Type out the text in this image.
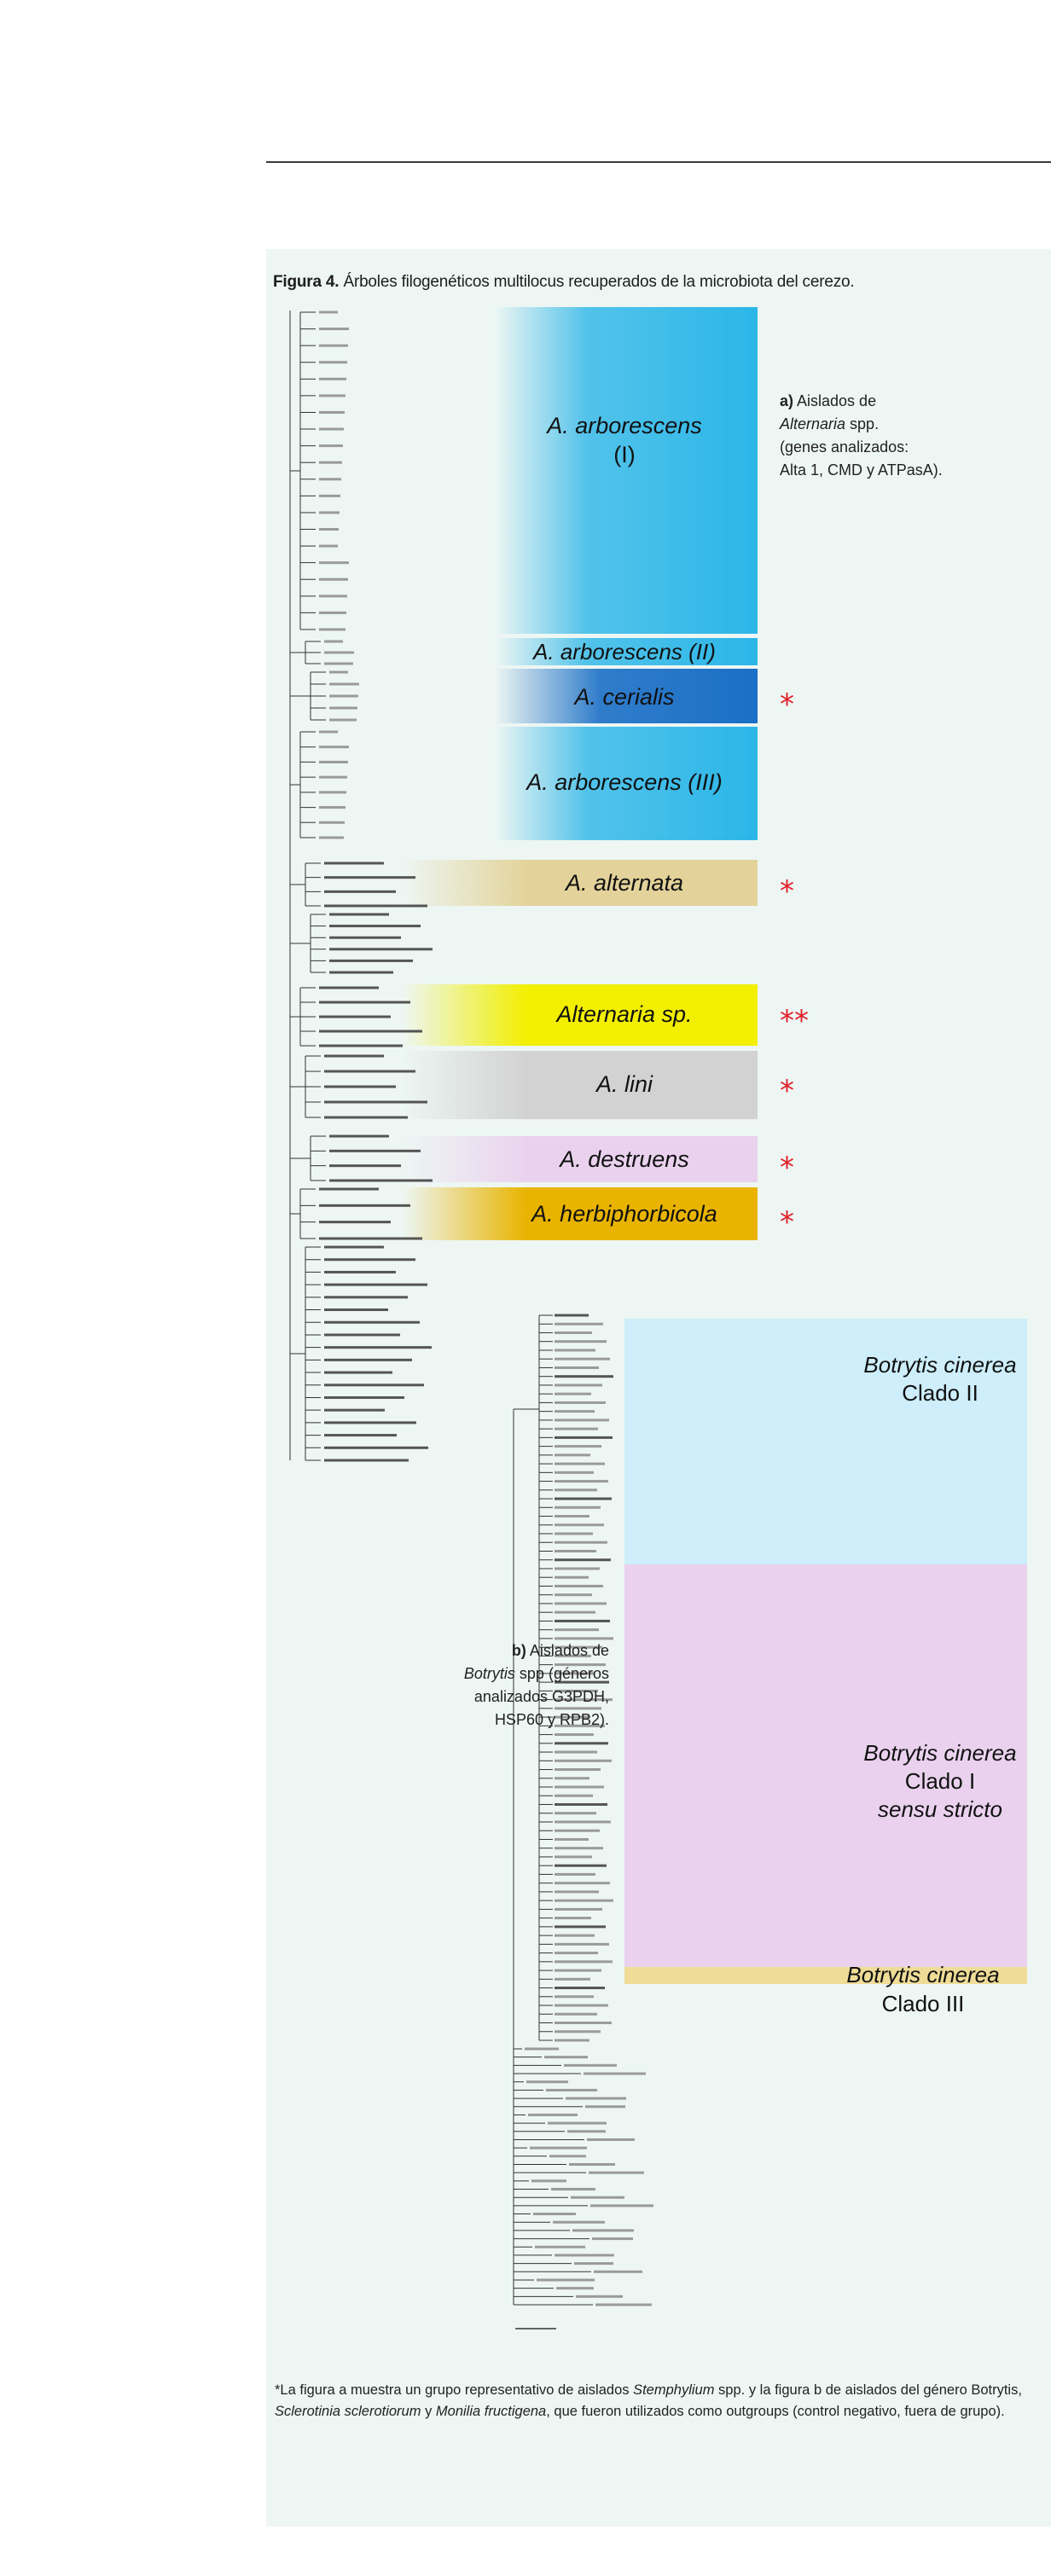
Figura 4. Árboles filogenéticos multilocus recuperados de la microbiota del cerezo.
A. arborescens
(I)
A. arborescens (II)
A. cerialis	*
A. arborescens (III)
A. alternata	*
Alternaria sp.	**
A. lini	*
A. destruens	*
A. herbiphorbicola *
Botrytis cinerea
Clado II
Botrytis cinerea
Clado I
sensu stricto
Botrytis cinerea
Clado III
a) Aislados de
Alternaria spp.
(genes analizados:
Alta 1, CMD y ATPasA).
b) Aislados de
Botrytis spp (géneros
analizados G3PDH,
HSP60 y RPB2).
*La figura a muestra un grupo representativo de aislados Stemphylium spp. y la figura b de aislados del género Botrytis, Sclerotinia sclerotiorum y Monilia fructigena, que fueron utilizados como outgroups (control negativo, fuera de grupo).
